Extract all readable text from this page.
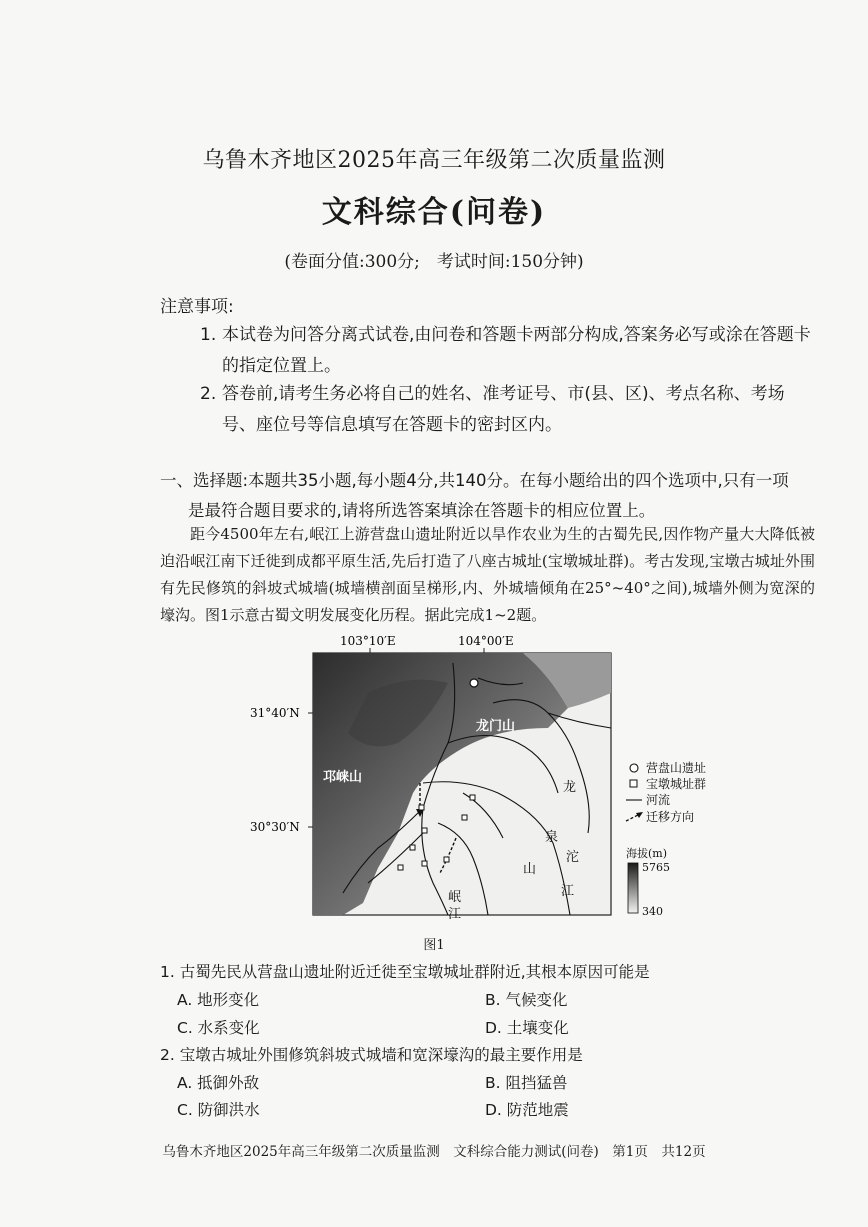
乌鲁木齐地区2025年高三年级第二次质量监测
文科综合(问卷)
(卷面分值:300分;　考试时间:150分钟)
注意事项:
1. 本试卷为问答分离式试卷,由问卷和答题卡两部分构成,答案务必写或涂在答题卡的指定位置上。
2. 答卷前,请考生务必将自己的姓名、准考证号、市(县、区)、考点名称、考场号、座位号等信息填写在答题卡的密封区内。
一、选择题:本题共35小题,每小题4分,共140分。在每小题给出的四个选项中,只有一项
是最符合题目要求的,请将所选答案填涂在答题卡的相应位置上。
距今4500年左右,岷江上游营盘山遗址附近以旱作农业为生的古蜀先民,因作物产量大大降低被迫沿岷江南下迁徙到成都平原生活,先后打造了八座古城址(宝墩城址群)。考古发现,宝墩古城址外围有先民修筑的斜坡式城墙(城墙横剖面呈梯形,内、外城墙倾角在25°~40°之间),城墙外侧为宽深的壕沟。图1示意古蜀文明发展变化历程。据此完成1~2题。
103°10′E	104°00′E
31°40′N
30°30′N
邛崃山
龙门山
龙
泉
山
沱
江
岷
江
营盘山遗址
宝墩城址群
河流
迁移方向
海拔(m)
5765
340
图1
1. 古蜀先民从营盘山遗址附近迁徙至宝墩城址群附近,其根本原因可能是
A. 地形变化	B. 气候变化
C. 水系变化	D. 土壤变化
2. 宝墩古城址外围修筑斜坡式城墙和宽深壕沟的最主要作用是
A. 抵御外敌	B. 阻挡猛兽
C. 防御洪水	D. 防范地震
乌鲁木齐地区2025年高三年级第二次质量监测　文科综合能力测试(问卷)　第1页　共12页
